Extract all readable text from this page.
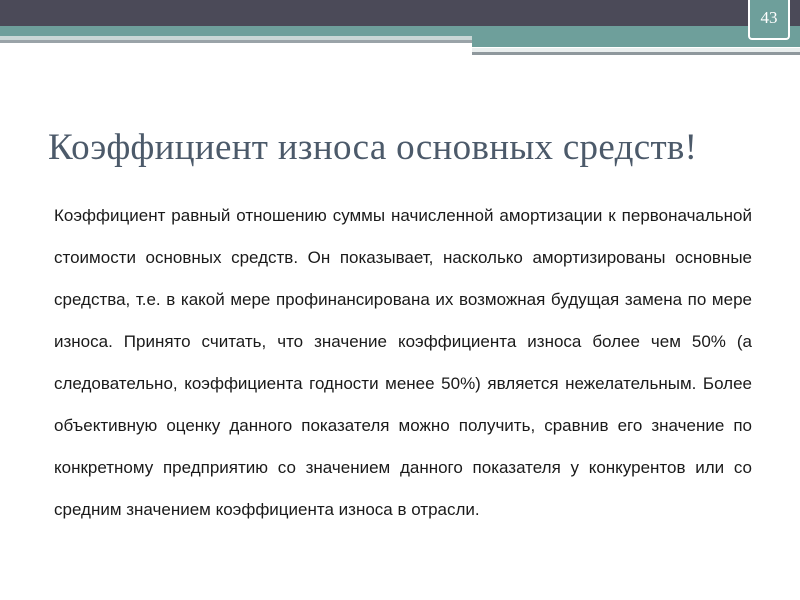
43
Коэффициент износа основных средств!

Коэффициент равный отношению суммы начисленной амортизации к первоначальной стоимости основных средств. Он показывает, насколько амортизированы основные средства, т.е. в какой мере профинансирована их возможная будущая замена по мере износа. Принято считать, что значение коэффициента износа более чем 50% (а следовательно, коэффициента годности менее 50%) является нежелательным. Более объективную оценку данного показателя можно получить, сравнив его значение по конкретному предприятию со значением данного показателя у конкурентов или со средним значением коэффициента износа в отрасли.
